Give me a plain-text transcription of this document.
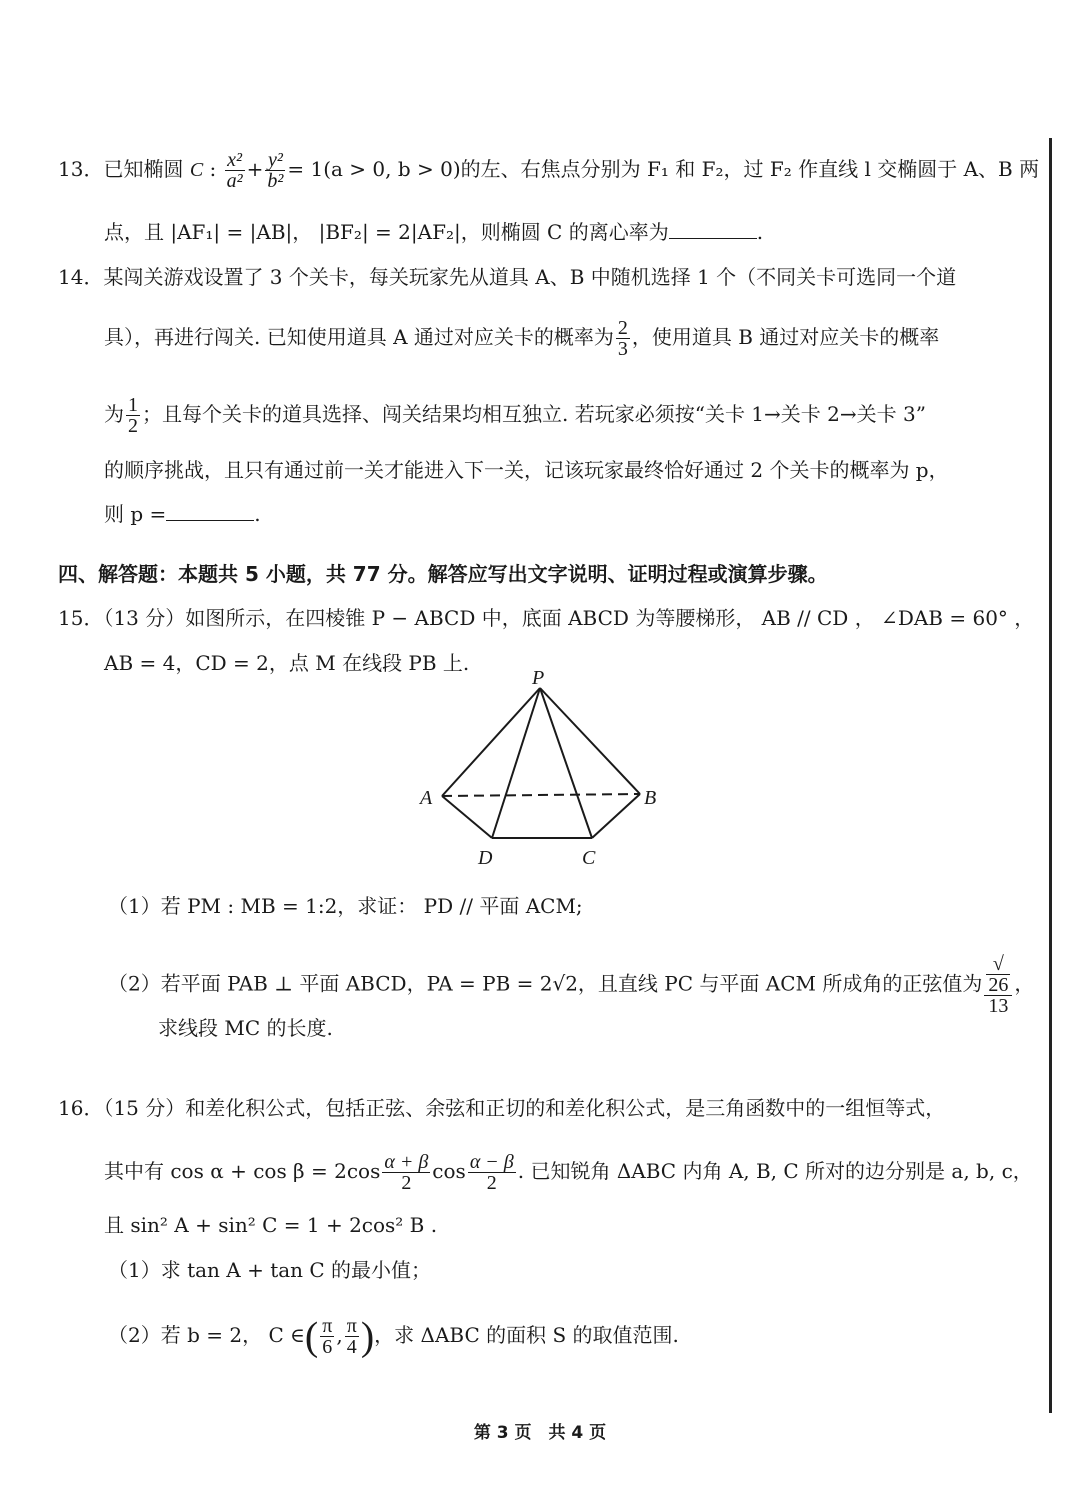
13．已知椭圆 C : $\frac{\text{x²}}{\text{a²}} + \frac{\text{y²}}{\text{b²}} = 1(a > 0$, b > 0)的左、右焦点分别为 F₁ 和 F₂，过 F₂ 作直线 l 交椭圆于 A、B 两
点，且 |AF₁| = |AB|， |BF₂| = 2|AF₂|，则椭圆 C 的离心率为	.
14．某闯关游戏设置了 3 个关卡，每关玩家先从道具 A、B 中随机选择 1 个（不同关卡可选同一个道
具），再进行闯关. 已知使用道具 A 通过对应关卡的概率为 $\frac{2}{3}$ ，使用道具 B 通过对应关卡的概率
为 $\frac{1}{2}$ ；且每个关卡的道具选择、闯关结果均相互独立. 若玩家必须按“关卡 1→关卡 2→关卡 3”
的顺序挑战，且只有通过前一关才能进入下一关，记该玩家最终恰好通过 2 个关卡的概率为 p，
则 p =	.
四、解答题：本题共 5 小题，共 77 分。解答应写出文字说明、证明过程或演算步骤。
15．（13 分）如图所示，在四棱锥 P − ABCD 中，底面 ABCD 为等腰梯形， AB // CD ， ∠DAB = 60° ，
AB = 4，CD = 2，点 M 在线段 PB 上.
P
A	B
C
D
（1）若 PM : MB = 1:2，求证： PD // 平面 ACM;
（2）若平面 PAB ⊥ 平面 ABCD，PA = PB = 2√2，且直线 PC 与平面 ACM 所成角的正弦值为 √
26
13 ，
求线段 MC 的长度.
16．（15 分）和差化积公式，包括正弦、余弦和正切的和差化积公式，是三角函数中的一组恒等式，
其中有 $\cos \alpha + \cos \beta = 2\cos \frac{\alpha + \beta}{2}$ $\cos \frac{\alpha - \beta}{2}$ . 已知锐角 ΔABC 内角 A, B, C 所对的边分别是 a, b, c，
且 sin² A + sin² C = 1 + 2cos² B .
（1）求 tan A + tan C 的最小值；
（2）若 b = 2， C ∈( $\frac{\pi}{6}$ , $\frac{\pi}{4}$ )，求 ΔABC 的面积 S 的取值范围.
第 3 页　共 4 页
